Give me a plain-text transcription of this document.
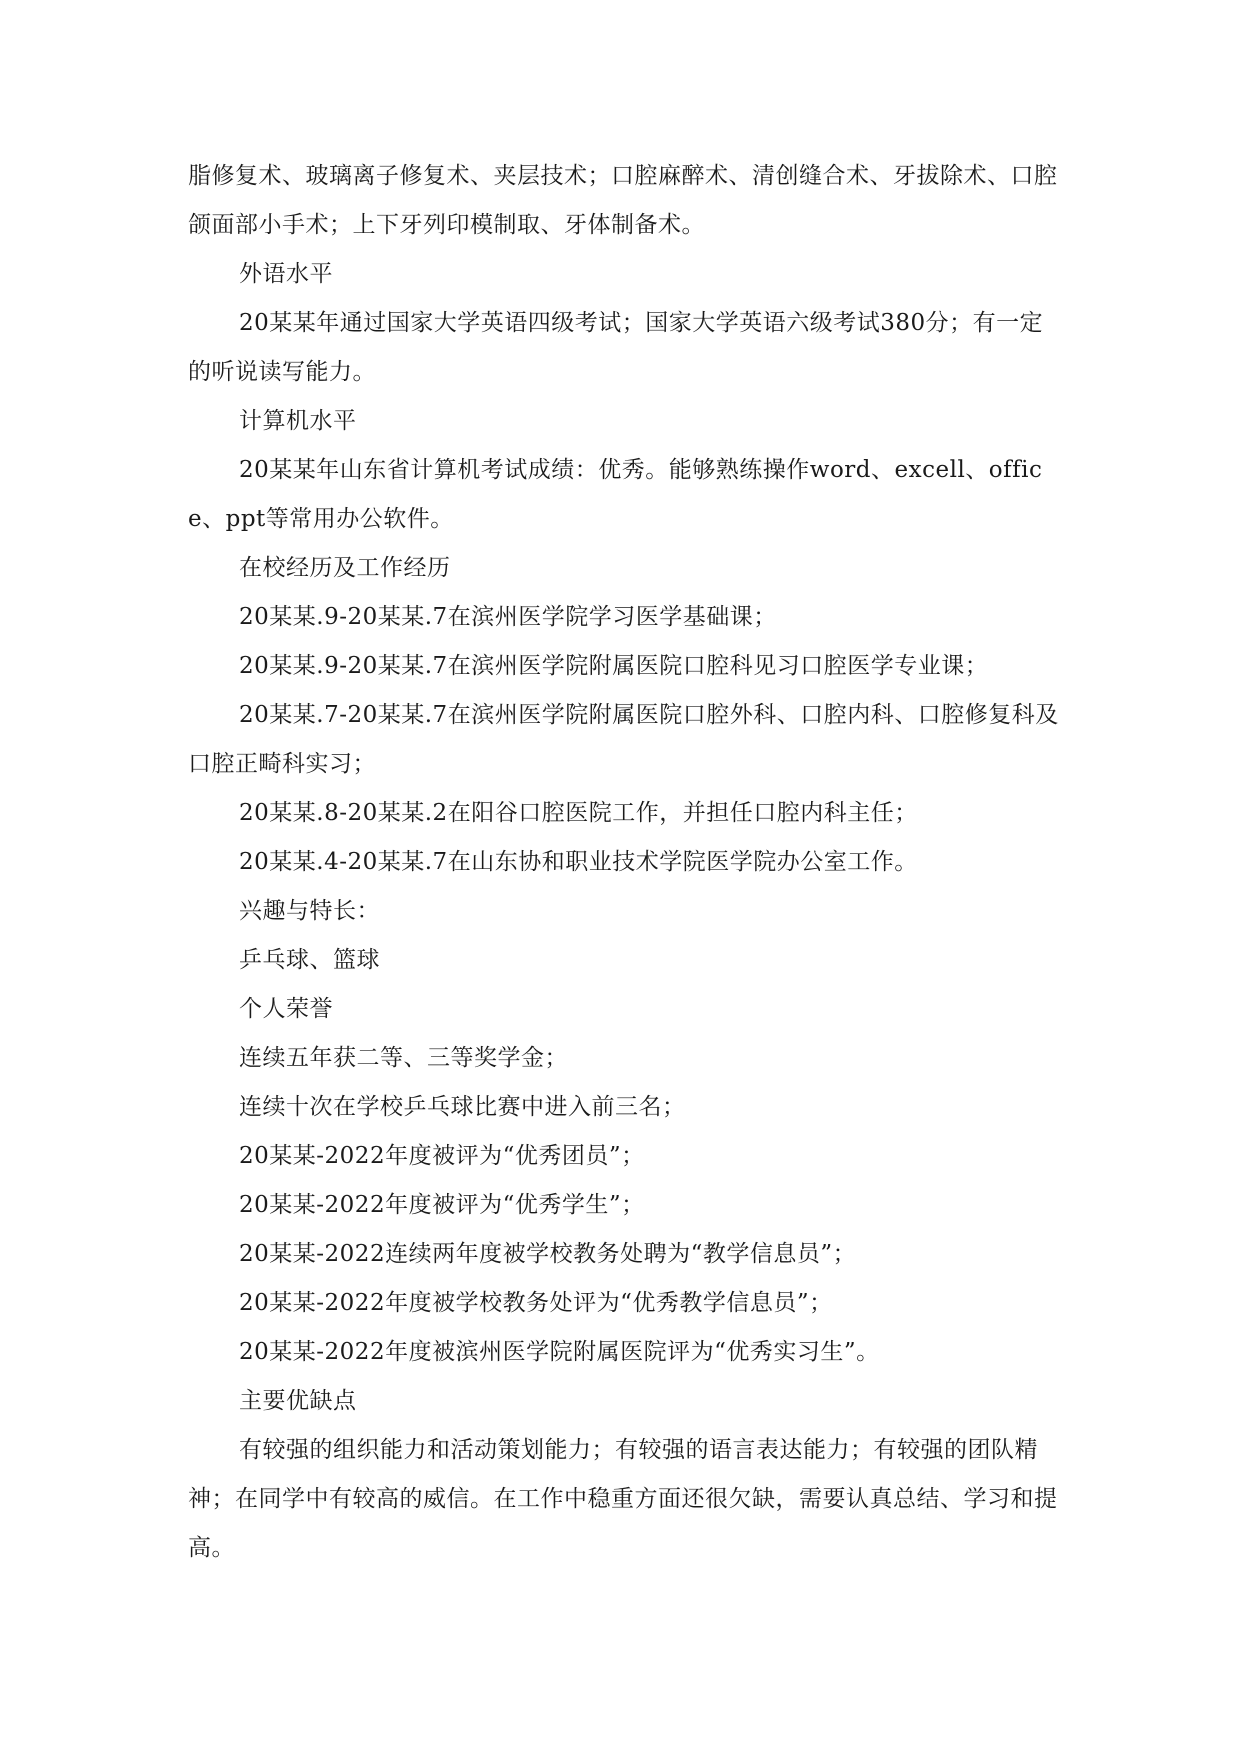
脂修复术、玻璃离子修复术、夹层技术；口腔麻醉术、清创缝合术、牙拔除术、口腔颌面部小手术；上下牙列印模制取、牙体制备术。

外语水平

20某某年通过国家大学英语四级考试；国家大学英语六级考试380分；有一定的听说读写能力。

计算机水平

20某某年山东省计算机考试成绩：优秀。能够熟练操作word、excell、office、ppt等常用办公软件。

在校经历及工作经历

20某某.9-20某某.7在滨州医学院学习医学基础课；

20某某.9-20某某.7在滨州医学院附属医院口腔科见习口腔医学专业课；

20某某.7-20某某.7在滨州医学院附属医院口腔外科、口腔内科、口腔修复科及口腔正畸科实习；

20某某.8-20某某.2在阳谷口腔医院工作，并担任口腔内科主任；

20某某.4-20某某.7在山东协和职业技术学院医学院办公室工作。

兴趣与特长：

乒乓球、篮球

个人荣誉

连续五年获二等、三等奖学金；

连续十次在学校乒乓球比赛中进入前三名；

20某某-2022年度被评为“优秀团员”；

20某某-2022年度被评为“优秀学生”；

20某某-2022连续两年度被学校教务处聘为“教学信息员”；

20某某-2022年度被学校教务处评为“优秀教学信息员”；

20某某-2022年度被滨州医学院附属医院评为“优秀实习生”。

主要优缺点

有较强的组织能力和活动策划能力；有较强的语言表达能力；有较强的团队精神；在同学中有较高的威信。在工作中稳重方面还很欠缺，需要认真总结、学习和提高。
